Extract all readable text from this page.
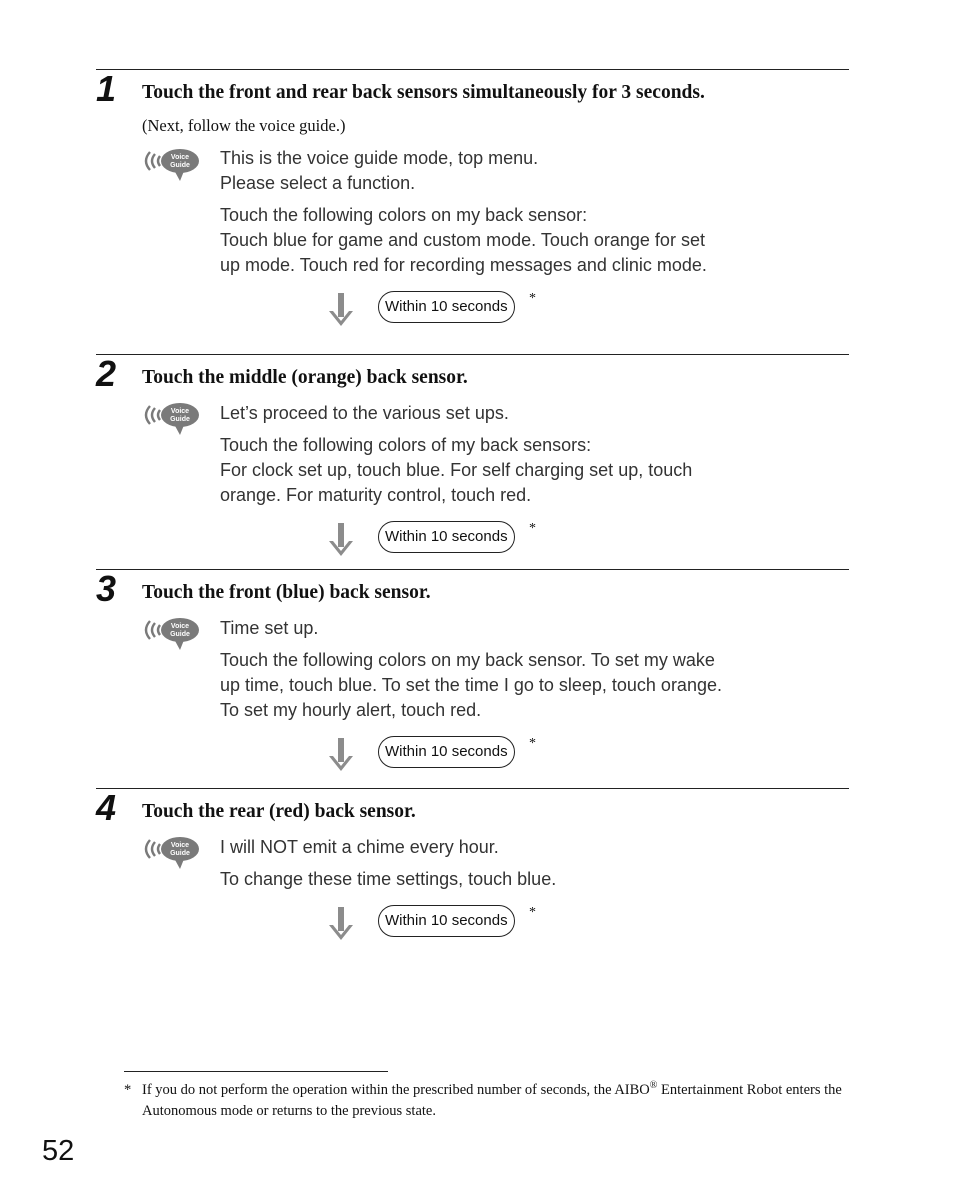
1 Touch the front and rear back sensors simultaneously for 3 seconds.
(Next, follow the voice guide.)
Voice
Guide This is the voice guide mode, top menu.
Please select a function.
Touch the following colors on my back sensor:
Touch blue for game and custom mode. Touch orange for set
up mode. Touch red for recording messages and clinic mode.
Within 10 seconds	*
2 Touch the middle (orange) back sensor.
Voice
Guide Let’s proceed to the various set ups.
Touch the following colors of my back sensors:
For clock set up, touch blue. For self charging set up, touch
orange. For maturity control, touch red.
Within 10 seconds	*
3 Touch the front (blue) back sensor.
Voice
Guide Time set up.
Touch the following colors on my back sensor. To set my wake
up time, touch blue. To set the time I go to sleep, touch orange.
To set my hourly alert, touch red.
Within 10 seconds	*
4 Touch the rear (red) back sensor.
Voice
Guide I will NOT emit a chime every hour.
To change these time settings, touch blue.
Within 10 seconds	*
* If you do not perform the operation within the prescribed number of seconds, the AIBO® Entertainment Robot enters the Autonomous mode or returns to the previous state.
52
